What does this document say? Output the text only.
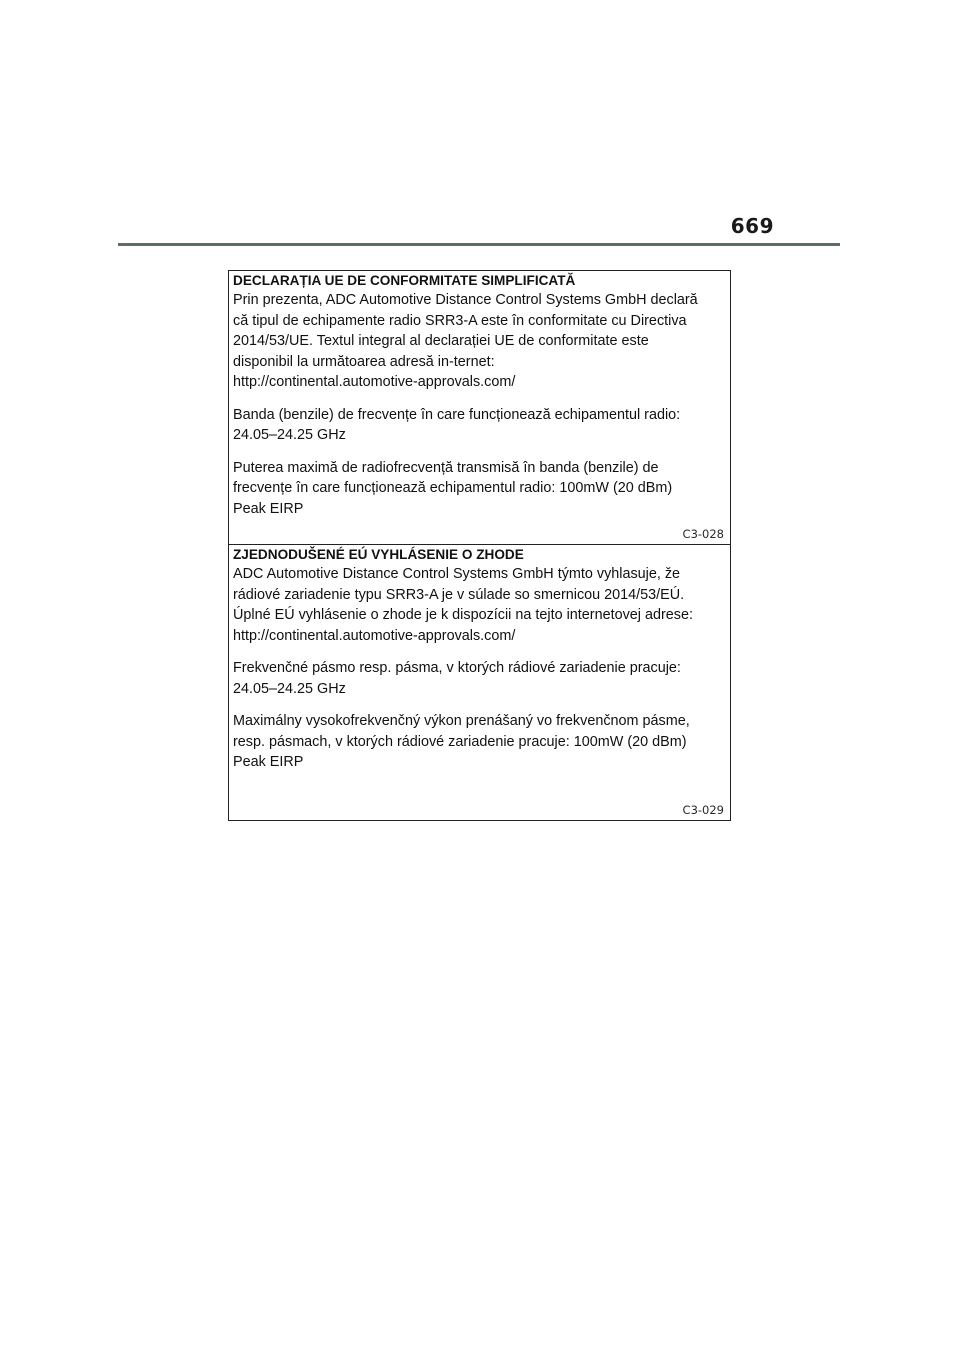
669
DECLARAȚIA UE DE CONFORMITATE SIMPLIFICATĂ

Prin prezenta, ADC Automotive Distance Control Systems GmbH declară
că tipul de echipamente radio SRR3-A este în conformitate cu Directiva
2014/53/UE. Textul integral al declarației UE de conformitate este
disponibil la următoarea adresă in-ternet:
http://continental.automotive-approvals.com/

Banda (benzile) de frecvențe în care funcționează echipamentul radio:
24.05–24.25 GHz

Puterea maximă de radiofrecvență transmisă în banda (benzile) de
frecvențe în care funcționează echipamentul radio: 100mW (20 dBm)
Peak EIRP

C3-028
ZJEDNODUŠENÉ EÚ VYHLÁSENIE O ZHODE

ADC Automotive Distance Control Systems GmbH týmto vyhlasuje, že
rádiové zariadenie typu SRR3-A je v súlade so smernicou 2014/53/EÚ.
Úplné EÚ vyhlásenie o zhode je k dispozícii na tejto internetovej adrese:
http://continental.automotive-approvals.com/

Frekvenčné pásmo resp. pásma, v ktorých rádiové zariadenie pracuje:
24.05–24.25 GHz

Maximálny vysokofrekvenčný výkon prenášaný vo frekvenčnom pásme,
resp. pásmach, v ktorých rádiové zariadenie pracuje: 100mW (20 dBm)
Peak EIRP

C3-029
